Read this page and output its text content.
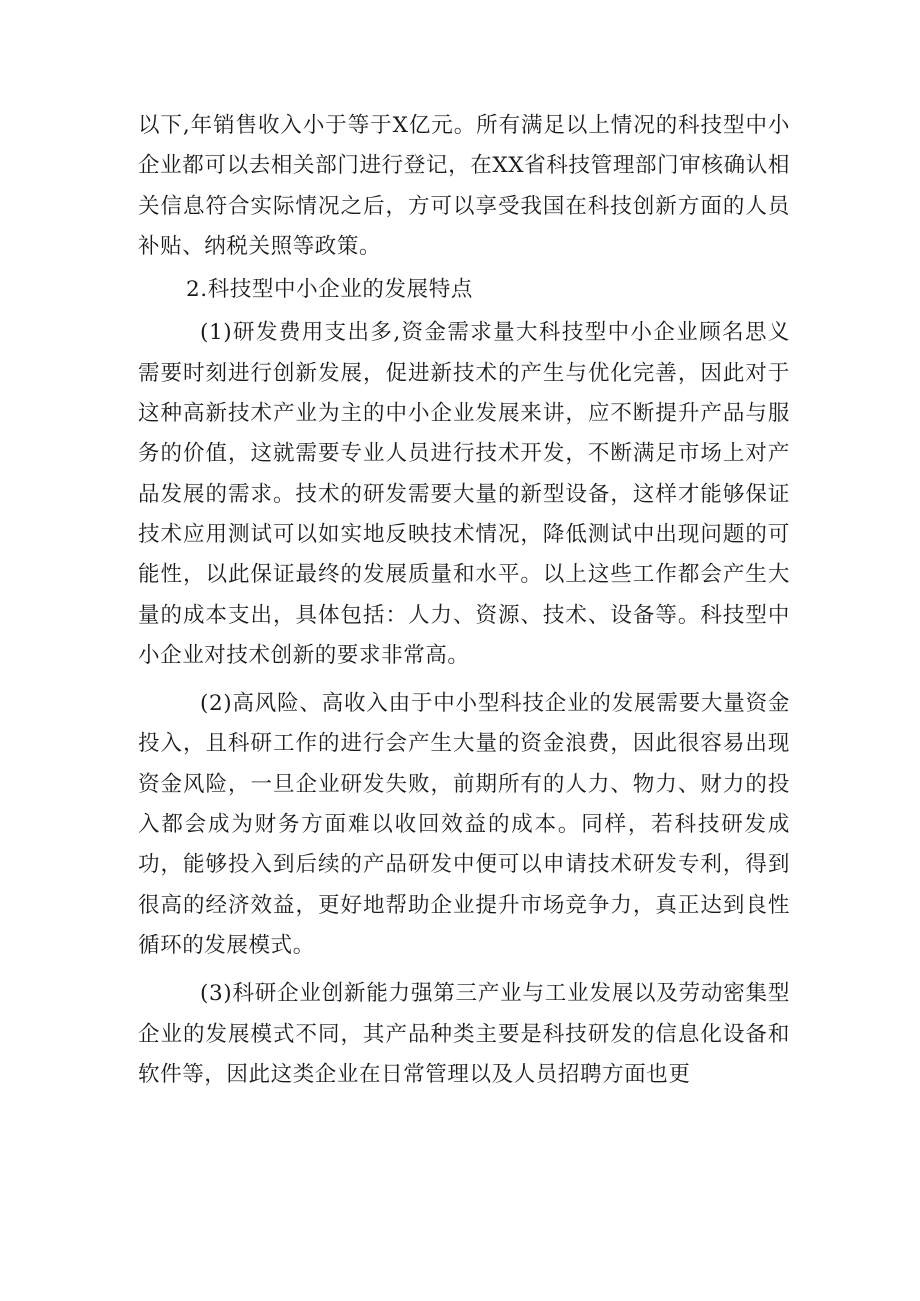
以下,年销售收入小于等于X亿元。所有满足以上情况的科技型中小企业都可以去相关部门进行登记，在XX省科技管理部门审核确认相关信息符合实际情况之后，方可以享受我国在科技创新方面的人员补贴、纳税关照等政策。

2.科技型中小企业的发展特点

(1)研发费用支出多,资金需求量大科技型中小企业顾名思义需要时刻进行创新发展，促进新技术的产生与优化完善，因此对于这种高新技术产业为主的中小企业发展来讲，应不断提升产品与服务的价值，这就需要专业人员进行技术开发，不断满足市场上对产品发展的需求。技术的研发需要大量的新型设备，这样才能够保证技术应用测试可以如实地反映技术情况，降低测试中出现问题的可能性，以此保证最终的发展质量和水平。以上这些工作都会产生大量的成本支出，具体包括：人力、资源、技术、设备等。科技型中小企业对技术创新的要求非常高。

(2)高风险、高收入由于中小型科技企业的发展需要大量资金投入，且科研工作的进行会产生大量的资金浪费，因此很容易出现资金风险，一旦企业研发失败，前期所有的人力、物力、财力的投入都会成为财务方面难以收回效益的成本。同样，若科技研发成功，能够投入到后续的产品研发中便可以申请技术研发专利，得到很高的经济效益，更好地帮助企业提升市场竞争力，真正达到良性循环的发展模式。

(3)科研企业创新能力强第三产业与工业发展以及劳动密集型企业的发展模式不同，其产品种类主要是科技研发的信息化设备和软件等，因此这类企业在日常管理以及人员招聘方面也更
